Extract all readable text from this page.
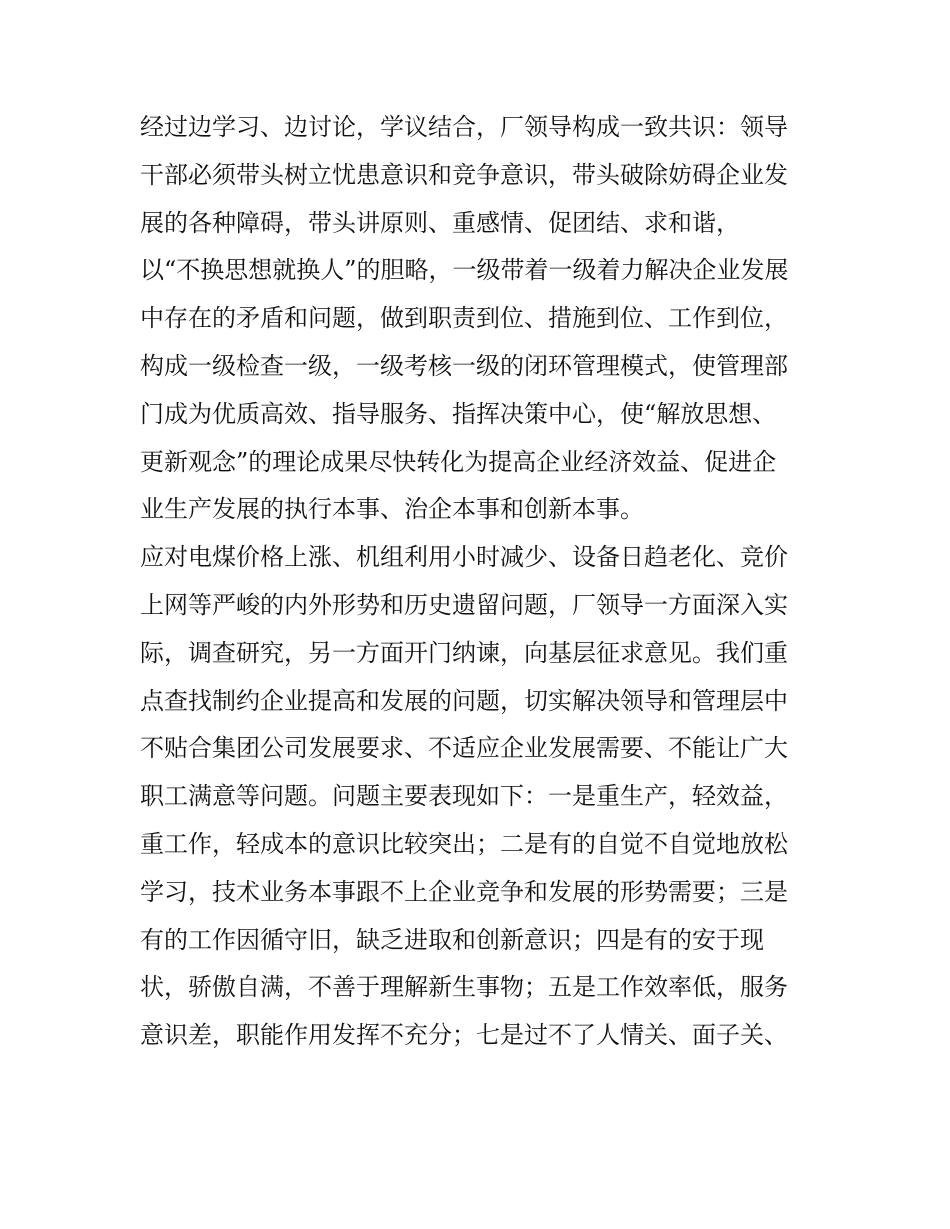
经过边学习、边讨论，学议结合，厂领导构成一致共识：领导
干部必须带头树立忧患意识和竞争意识，带头破除妨碍企业发
展的各种障碍，带头讲原则、重感情、促团结、求和谐，
以“不换思想就换人”的胆略，一级带着一级着力解决企业发展
中存在的矛盾和问题，做到职责到位、措施到位、工作到位，
构成一级检查一级，一级考核一级的闭环管理模式，使管理部
门成为优质高效、指导服务、指挥决策中心，使“解放思想、
更新观念”的理论成果尽快转化为提高企业经济效益、促进企
业生产发展的执行本事、治企本事和创新本事。
应对电煤价格上涨、机组利用小时减少、设备日趋老化、竞价
上网等严峻的内外形势和历史遗留问题，厂领导一方面深入实
际，调查研究，另一方面开门纳谏，向基层征求意见。我们重
点查找制约企业提高和发展的问题，切实解决领导和管理层中
不贴合集团公司发展要求、不适应企业发展需要、不能让广大
职工满意等问题。问题主要表现如下：一是重生产，轻效益，
重工作，轻成本的意识比较突出；二是有的自觉不自觉地放松
学习，技术业务本事跟不上企业竞争和发展的形势需要；三是
有的工作因循守旧，缺乏进取和创新意识；四是有的安于现
状，骄傲自满，不善于理解新生事物；五是工作效率低，服务
意识差，职能作用发挥不充分；七是过不了人情关、面子关、
